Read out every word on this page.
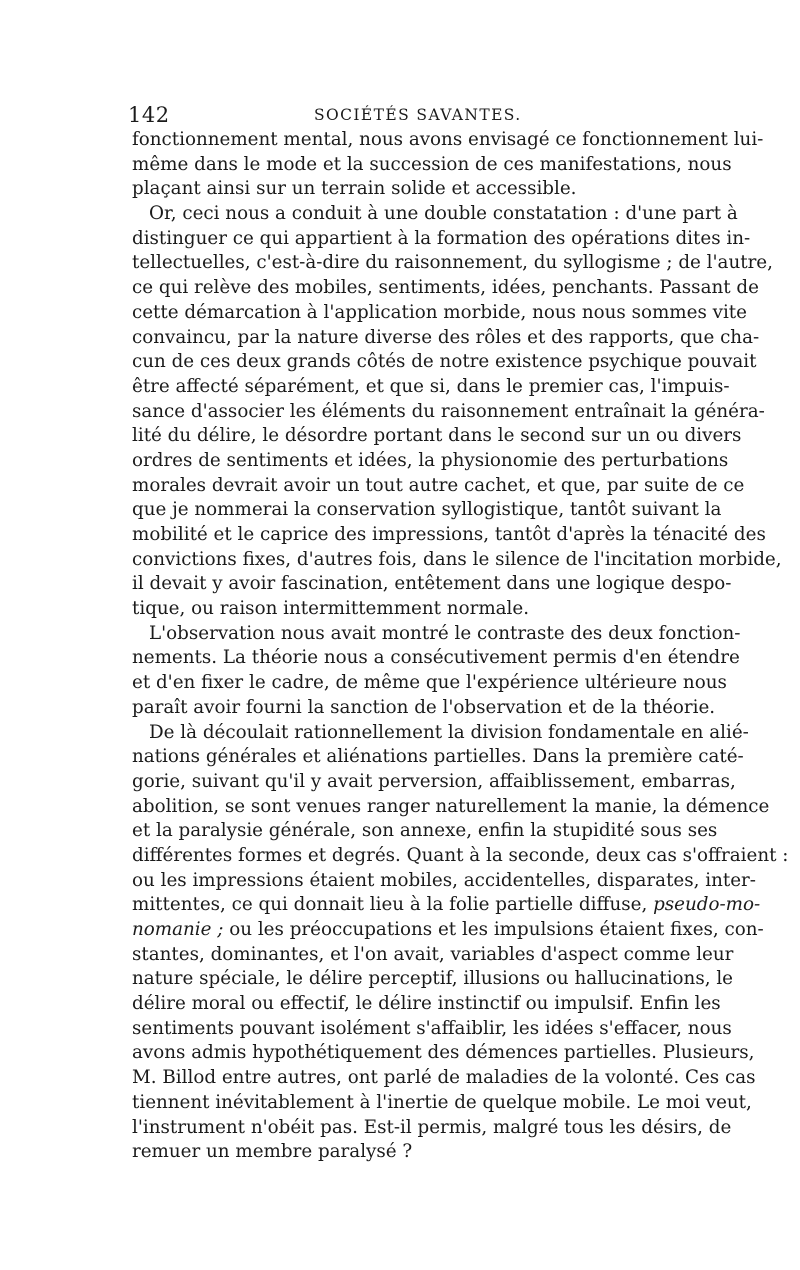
142	SOCIÉTÉS SAVANTES.
fonctionnement mental, nous avons envisagé ce fonctionnement lui-
même dans le mode et la succession de ces manifestations, nous
plaçant ainsi sur un terrain solide et accessible.
Or, ceci nous a conduit à une double constatation : d'une part à
distinguer ce qui appartient à la formation des opérations dites in-
tellectuelles, c'est-à-dire du raisonnement, du syllogisme ; de l'autre,
ce qui relève des mobiles, sentiments, idées, penchants. Passant de
cette démarcation à l'application morbide, nous nous sommes vite
convaincu, par la nature diverse des rôles et des rapports, que cha-
cun de ces deux grands côtés de notre existence psychique pouvait
être affecté séparément, et que si, dans le premier cas, l'impuis-
sance d'associer les éléments du raisonnement entraînait la généra-
lité du délire, le désordre portant dans le second sur un ou divers
ordres de sentiments et idées, la physionomie des perturbations
morales devrait avoir un tout autre cachet, et que, par suite de ce
que je nommerai la conservation syllogistique, tantôt suivant la
mobilité et le caprice des impressions, tantôt d'après la ténacité des
convictions fixes, d'autres fois, dans le silence de l'incitation morbide,
il devait y avoir fascination, entêtement dans une logique despo-
tique, ou raison intermittemment normale.
L'observation nous avait montré le contraste des deux fonction-
nements. La théorie nous a consécutivement permis d'en étendre
et d'en fixer le cadre, de même que l'expérience ultérieure nous
paraît avoir fourni la sanction de l'observation et de la théorie.
De là découlait rationnellement la division fondamentale en alié-
nations générales et aliénations partielles. Dans la première caté-
gorie, suivant qu'il y avait perversion, affaiblissement, embarras,
abolition, se sont venues ranger naturellement la manie, la démence
et la paralysie générale, son annexe, enfin la stupidité sous ses
différentes formes et degrés. Quant à la seconde, deux cas s'offraient :
ou les impressions étaient mobiles, accidentelles, disparates, inter-
mittentes, ce qui donnait lieu à la folie partielle diffuse, pseudo-mo-
nomanie ; ou les préoccupations et les impulsions étaient fixes, con-
stantes, dominantes, et l'on avait, variables d'aspect comme leur
nature spéciale, le délire perceptif, illusions ou hallucinations, le
délire moral ou effectif, le délire instinctif ou impulsif. Enfin les
sentiments pouvant isolément s'affaiblir, les idées s'effacer, nous
avons admis hypothétiquement des démences partielles. Plusieurs,
M. Billod entre autres, ont parlé de maladies de la volonté. Ces cas
tiennent inévitablement à l'inertie de quelque mobile. Le moi veut,
l'instrument n'obéit pas. Est-il permis, malgré tous les désirs, de
remuer un membre paralysé ?
